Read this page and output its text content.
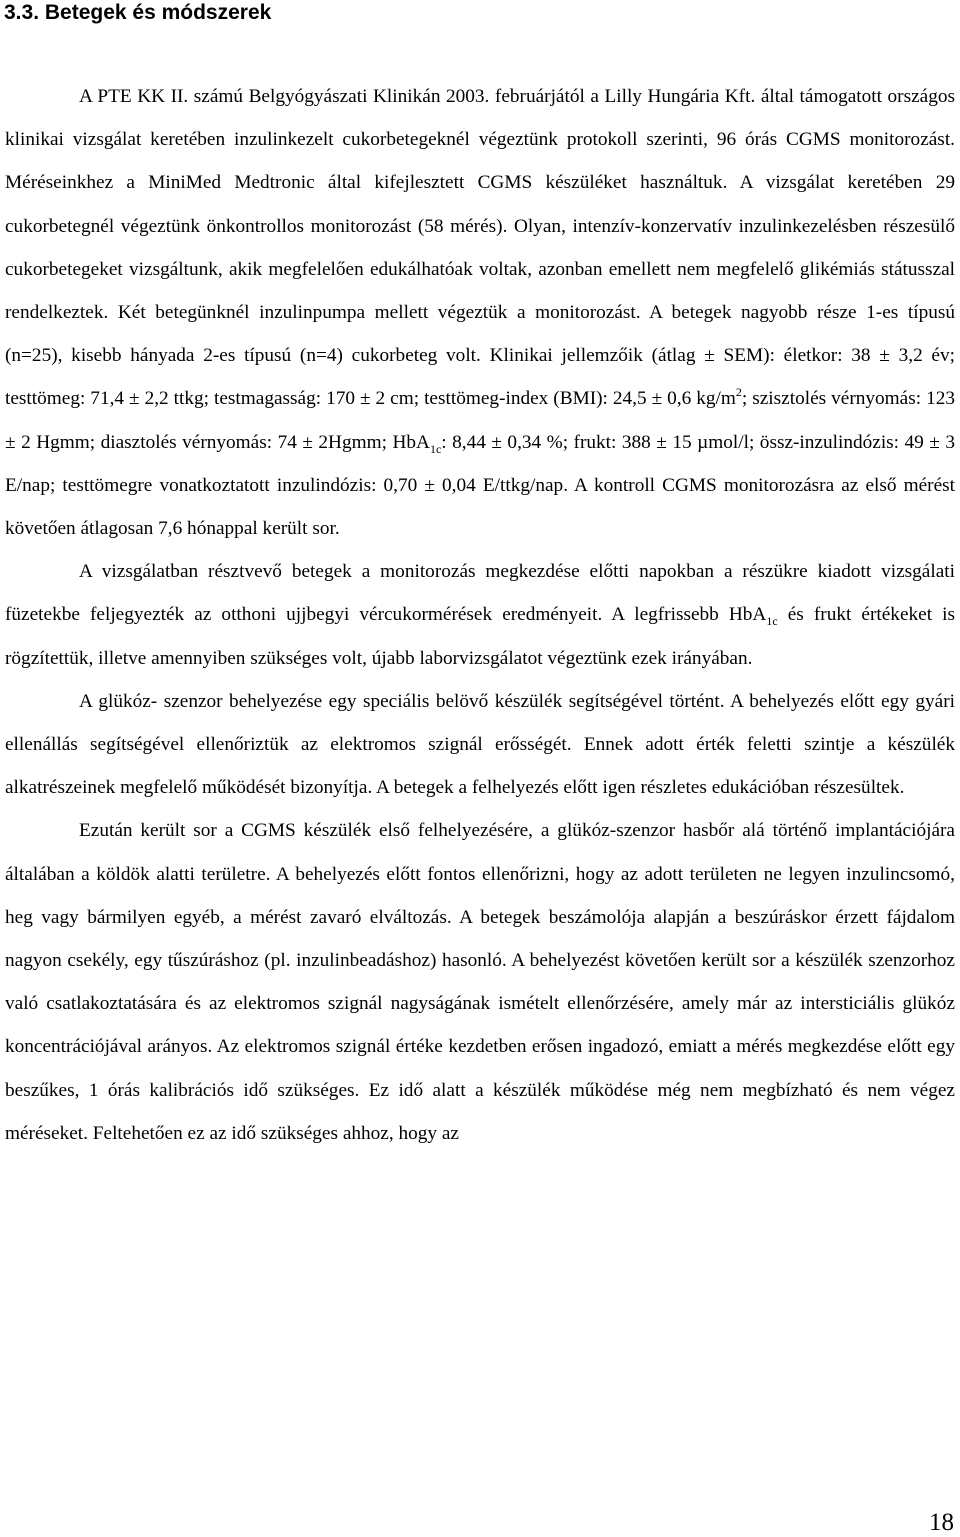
3.3. Betegek és módszerek

A PTE KK II. számú Belgyógyászati Klinikán 2003. februárjától a Lilly Hungária Kft. által támogatott országos klinikai vizsgálat keretében inzulinkezelt cukorbetegeknél végeztünk protokoll szerinti, 96 órás CGMS monitorozást. Méréseinkhez a MiniMed Medtronic által kifejlesztett CGMS készüléket használtuk. A vizsgálat keretében 29 cukorbetegnél végeztünk önkontrollos monitorozást (58 mérés). Olyan, intenzív-konzervatív inzulinkezelésben részesülő cukorbetegeket vizsgáltunk, akik megfelelően edukálhatóak voltak, azonban emellett nem megfelelő glikémiás státusszal rendelkeztek. Két betegünknél inzulinpumpa mellett végeztük a monitorozást. A betegek nagyobb része 1-es típusú (n=25), kisebb hányada 2-es típusú (n=4) cukorbeteg volt. Klinikai jellemzőik (átlag ± SEM): életkor: 38 ± 3,2 év; testtömeg: 71,4 ± 2,2 ttkg; testmagasság: 170 ± 2 cm; testtömeg-index (BMI): 24,5 ± 0,6 $kg/m^2$; szisztolés vérnyomás: 123 ± 2 Hgmm; diasztolés vérnyomás: 74 ± 2Hgmm; HbA$_{1c}$: 8,44 ± 0,34 %; frukt: 388 ± 15 µmol/l; össz-inzulindózis: 49 ± 3 E/nap; testtömegre vonatkoztatott inzulindózis: 0,70 ± 0,04 E/ttkg/nap. A kontroll CGMS monitorozásra az első mérést követően átlagosan 7,6 hónappal került sor.

A vizsgálatban résztvevő betegek a monitorozás megkezdése előtti napokban a részükre kiadott vizsgálati füzetekbe feljegyezték az otthoni ujjbegyi vércukormérések eredményeit. A legfrissebb HbA$_{1c}$ és frukt értékeket is rögzítettük, illetve amennyiben szükséges volt, újabb laborvizsgálatot végeztünk ezek irányában.

A glükóz- szenzor behelyezése egy speciális belövő készülék segítségével történt. A behelyezés előtt egy gyári ellenállás segítségével ellenőriztük az elektromos szignál erősségét. Ennek adott érték feletti szintje a készülék alkatrészeinek megfelelő működését bizonyítja. A betegek a felhelyezés előtt igen részletes edukációban részesültek.

Ezután került sor a CGMS készülék első felhelyezésére, a glükóz-szenzor hasbőr alá történő implantációjára általában a köldök alatti területre. A behelyezés előtt fontos ellenőrizni, hogy az adott területen ne legyen inzulincsomó, heg vagy bármilyen egyéb, a mérést zavaró elváltozás. A betegek beszámolója alapján a beszúráskor érzett fájdalom nagyon csekély, egy tűszúráshoz (pl. inzulinbeadáshoz) hasonló. A behelyezést követően került sor a készülék szenzorhoz való csatlakoztatására és az elektromos szignál nagyságának ismételt ellenőrzésére, amely már az intersticiális glükóz koncentrációjával arányos. Az elektromos szignál értéke kezdetben erősen ingadozó, emiatt a mérés megkezdése előtt egy beszűkes, 1 órás kalibrációs idő szükséges. Ez idő alatt a készülék működése még nem megbízható és nem végez méréseket. Feltehetően ez az idő szükséges ahhoz, hogy az

18
